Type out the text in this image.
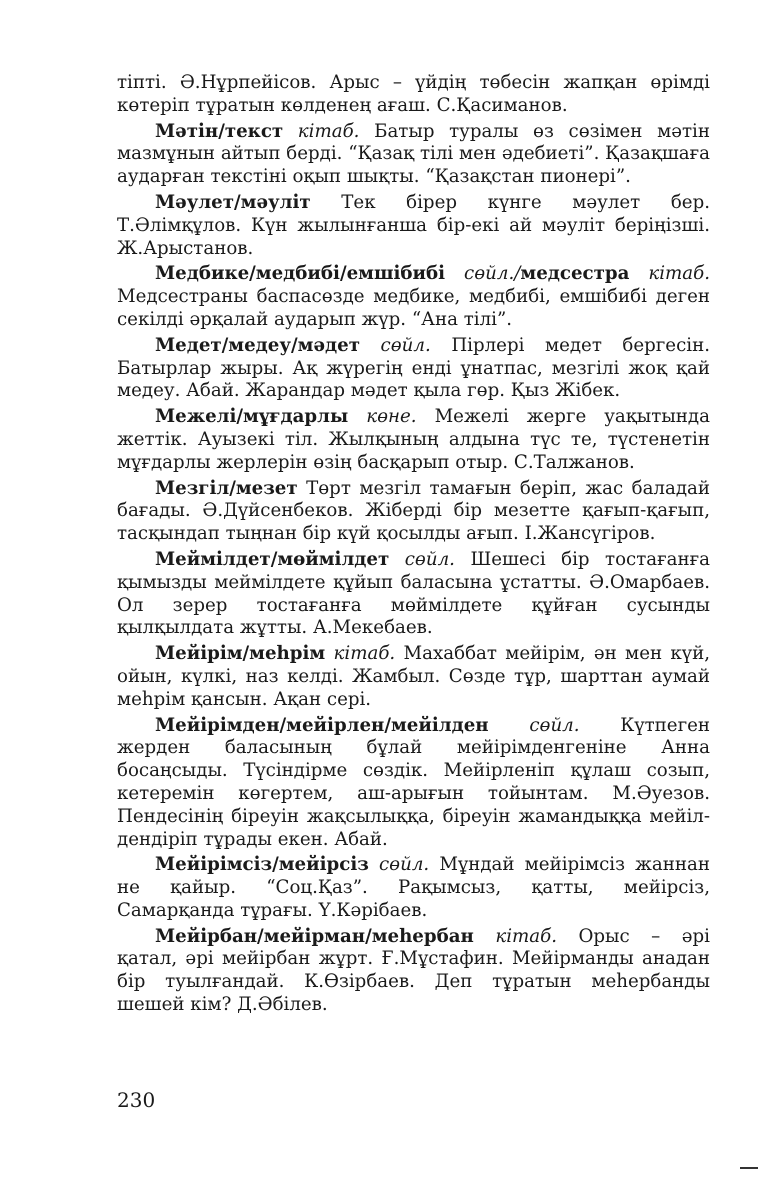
тіпті. Ә.Нұрпейісов. Арыс – үйдің төбесін жапқан өрімді көтеріп тұратын көлденең ағаш. С.Қасиманов.

Мәтін/текст кітаб. Батыр туралы өз сөзімен мәтін мазмұнын айтып берді. “Қазақ тілі мен әдебиеті”. Қазақшаға аударған текстіні оқып шықты. “Қазақстан пионері”.

Мәулет/мәуліт Тек бірер күнге мәулет бер. Т.Әлімқұлов. Күн жылынғанша бір-екі ай мәуліт беріңізші. Ж.Арыстанов.

Медбике/медбибі/емшібибі сөйл./медсестра кітаб. Медсестраны баспасөзде медбике, медбибі, емшібибі деген секілді әрқалай аударып жүр. “Ана тілі”.

Медет/медеу/мәдет сөйл. Пірлері медет бергесін. Батырлар жыры. Ақ жүрегің енді ұнатпас, мезгілі жоқ қай медеу. Абай. Жарандар мәдет қыла гөр. Қыз Жібек.

Межелі/мұғдарлы көне. Межелі жерге уақытында жеттік. Ауызекі тіл. Жылқының алдына түс те, түстенетін мұғдарлы жерлерін өзің басқарып отыр. С.Талжанов.

Мезгіл/мезет Төрт мезгіл тамағын беріп, жас баладай бағады. Ә.Дүйсенбеков. Жіберді бір мезетте қағып-қағып, тасқындап тыңнан бір күй қосылды ағып. І.Жансүгіров.

Меймілдет/мөймілдет сөйл. Шешесі бір тостағанға қымызды меймілдете құйып баласына ұстатты. Ә.Омарбаев. Ол зерер тостағанға мөймілдете құйған сусынды қылқылдата жұтты. А.Мекебаев.

Мейірім/меһрім кітаб. Махаббат мейірім, ән мен күй, ойын, күлкі, наз келді. Жамбыл. Сөзде тұр, шарттан аумай меһрім қансын. Ақан сері.

Мейірімден/мейірлен/мейілден сөйл. Күтпеген жерден баласының бұлай мейірімденгеніне Анна босаңсыды. Түсіндірме сөздік. Мейірленіп құлаш созып, кетеремін көгертем, аш-арығын тойынтам. М.Әуезов. Пендесінің біреуін жақсылыққа, біреуін жамандыққа мейілдендіріп тұрады екен. Абай.

Мейірімсіз/мейірсіз сөйл. Мұндай мейірімсіз жаннан не қайыр. “Соц.Қаз”. Рақымсыз, қатты, мейірсіз, Самарқанда тұрағы. Ү.Кәрібаев.

Мейірбан/мейірман/меһербан кітаб. Орыс – әрі қатал, әрі мейірбан жұрт. Ғ.Мұстафин. Мейірманды анадан бір туылғандай. К.Өзірбаев. Деп тұратын меһербанды шешей кім? Д.Әбілев.

230
